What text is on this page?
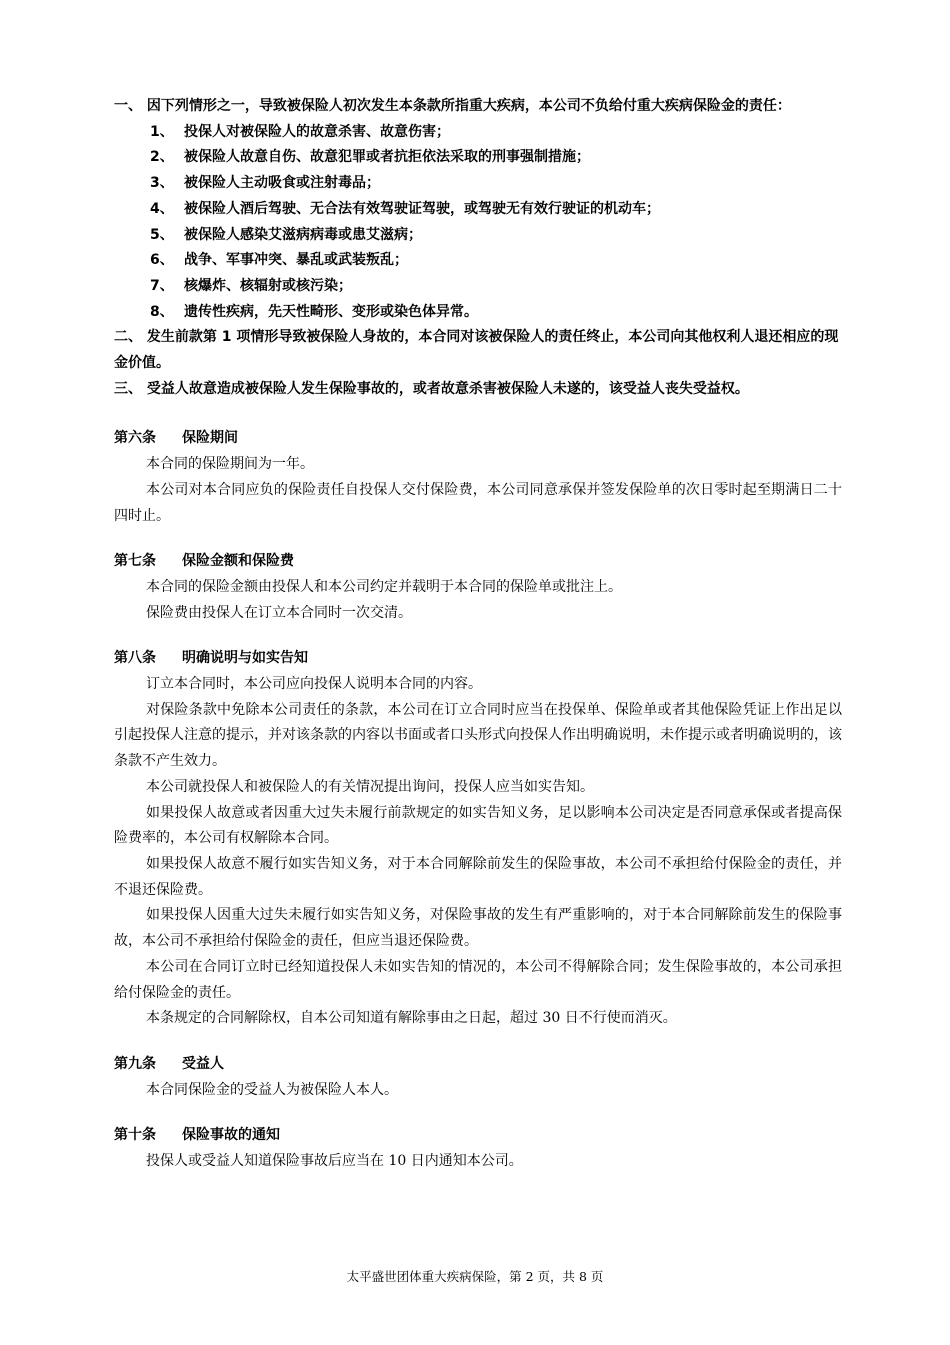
一、 因下列情形之一，导致被保险人初次发生本条款所指重大疾病，本公司不负给付重大疾病保险金的责任：
1、 投保人对被保险人的故意杀害、故意伤害；
2、 被保险人故意自伤、故意犯罪或者抗拒依法采取的刑事强制措施；
3、 被保险人主动吸食或注射毒品；
4、 被保险人酒后驾驶、无合法有效驾驶证驾驶，或驾驶无有效行驶证的机动车；
5、 被保险人感染艾滋病病毒或患艾滋病；
6、 战争、军事冲突、暴乱或武装叛乱；
7、 核爆炸、核辐射或核污染；
8、 遗传性疾病，先天性畸形、变形或染色体异常。
二、 发生前款第 1 项情形导致被保险人身故的，本合同对该被保险人的责任终止，本公司向其他权利人退还相应的现金价值。
三、 受益人故意造成被保险人发生保险事故的，或者故意杀害被保险人未遂的，该受益人丧失受益权。
第六条 保险期间
本合同的保险期间为一年。
本公司对本合同应负的保险责任自投保人交付保险费，本公司同意承保并签发保险单的次日零时起至期满日二十四时止。
第七条 保险金额和保险费
本合同的保险金额由投保人和本公司约定并载明于本合同的保险单或批注上。
保险费由投保人在订立本合同时一次交清。
第八条 明确说明与如实告知
订立本合同时，本公司应向投保人说明本合同的内容。
对保险条款中免除本公司责任的条款，本公司在订立合同时应当在投保单、保险单或者其他保险凭证上作出足以引起投保人注意的提示，并对该条款的内容以书面或者口头形式向投保人作出明确说明，未作提示或者明确说明的，该条款不产生效力。
本公司就投保人和被保险人的有关情况提出询问，投保人应当如实告知。
如果投保人故意或者因重大过失未履行前款规定的如实告知义务，足以影响本公司决定是否同意承保或者提高保险费率的，本公司有权解除本合同。
如果投保人故意不履行如实告知义务，对于本合同解除前发生的保险事故，本公司不承担给付保险金的责任，并不退还保险费。
如果投保人因重大过失未履行如实告知义务，对保险事故的发生有严重影响的，对于本合同解除前发生的保险事故，本公司不承担给付保险金的责任，但应当退还保险费。
本公司在合同订立时已经知道投保人未如实告知的情况的，本公司不得解除合同；发生保险事故的，本公司承担给付保险金的责任。
本条规定的合同解除权，自本公司知道有解除事由之日起，超过 30 日不行使而消灭。
第九条 受益人
本合同保险金的受益人为被保险人本人。
第十条 保险事故的通知
投保人或受益人知道保险事故后应当在 10 日内通知本公司。
太平盛世团体重大疾病保险，第 2 页，共 8 页
